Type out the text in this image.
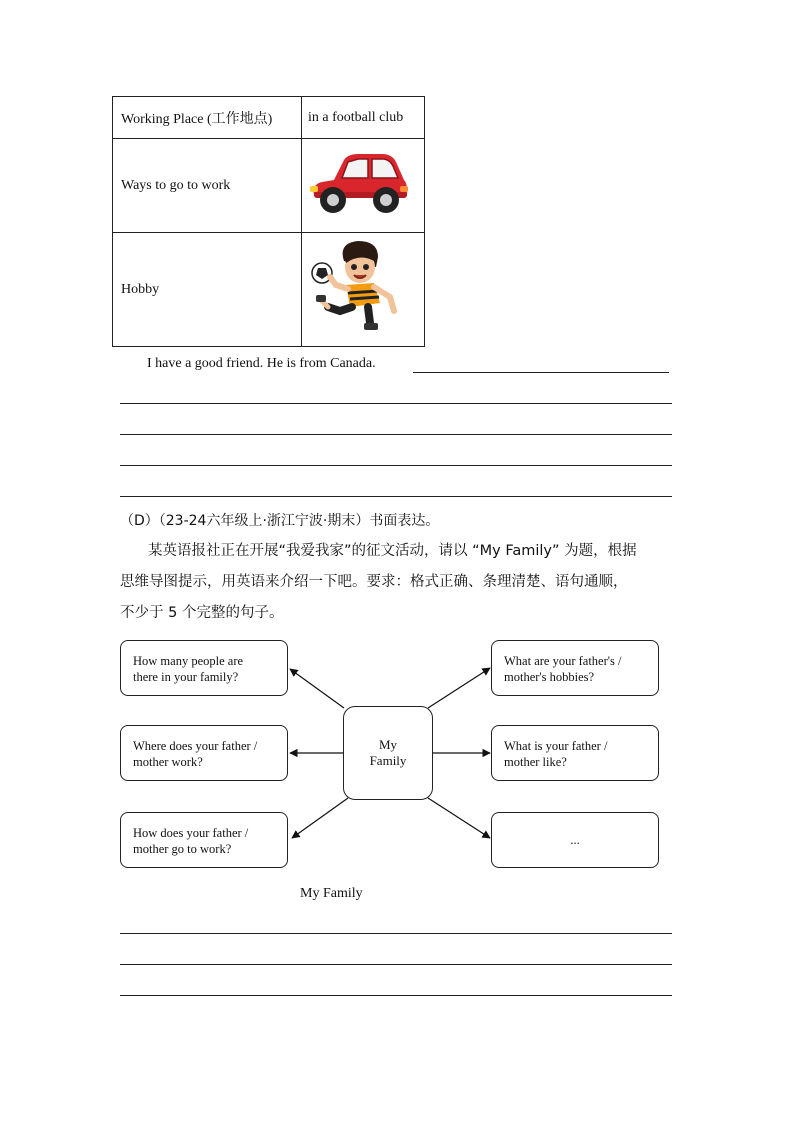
Working Place (工作地点)	in a football club
Ways to go to work	
Hobby	
I have a good friend. He is from Canada.
（D）（23-24六年级上·浙江宁波·期末）书面表达。
某英语报社正在开展“我爱我家”的征文活动，请以 “My Family” 为题，根据
思维导图提示，用英语来介绍一下吧。要求：格式正确、条理清楚、语句通顺，
不少于 5 个完整的句子。
My
Family
How many people are
there in your family?
Where does your father /
mother work?
How does your father /
mother go to work?
What are your father's /
mother's hobbies?
What is your father /
mother like?
...
My Family
